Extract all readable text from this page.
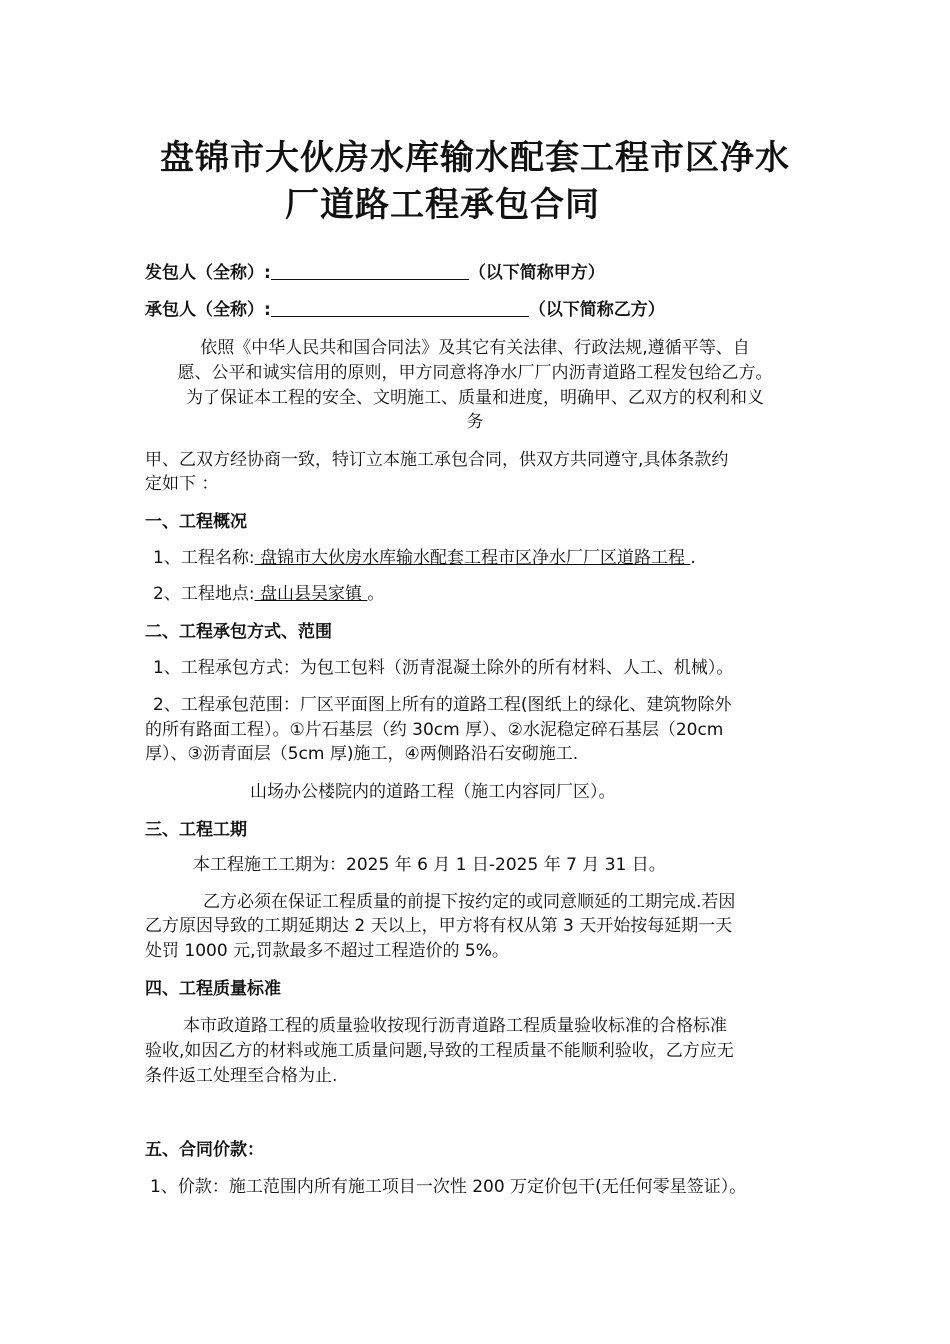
盘锦市大伙房水库输水配套工程市区净水
厂道路工程承包合同
发包人（全称）:	（以下简称甲方）
承包人（全称）:	（以下简称乙方）
依照《中华人民共和国合同法》及其它有关法律、行政法规,遵循平等、自
愿、公平和诚实信用的原则，甲方同意将净水厂厂内沥青道路工程发包给乙方。
为了保证本工程的安全、文明施工、质量和进度，明确甲、乙双方的权利和义
务
甲、乙双方经协商一致，特订立本施工承包合同，供双方共同遵守,具体条款约
定如下 ：
一、工程概况
1、工程名称: 盘锦市大伙房水库输水配套工程市区净水厂厂区道路工程 .
2、工程地点: 盘山县吴家镇 。
二、工程承包方式、范围
1、工程承包方式：为包工包料（沥青混凝土除外的所有材料、人工、机械）。
2、工程承包范围：厂区平面图上所有的道路工程(图纸上的绿化、建筑物除外
的所有路面工程）。①片石基层（约 30cm 厚）、②水泥稳定碎石基层（20cm
厚）、③沥青面层（5cm 厚)施工，④两侧路沿石安砌施工.
山场办公楼院内的道路工程（施工内容同厂区）。
三、工程工期
本工程施工工期为：2025 年 6 月 1 日-2025 年 7 月 31 日。
乙方必须在保证工程质量的前提下按约定的或同意顺延的工期完成.若因
乙方原因导致的工期延期达 2 天以上，甲方将有权从第 3 天开始按每延期一天
处罚 1000 元,罚款最多不超过工程造价的 5%。
四、工程质量标准
本市政道路工程的质量验收按现行沥青道路工程质量验收标准的合格标准
验收,如因乙方的材料或施工质量问题,导致的工程质量不能顺利验收，乙方应无
条件返工处理至合格为止.
五、合同价款：
1、价款：施工范围内所有施工项目一次性 200 万定价包干(无任何零星签证）。
